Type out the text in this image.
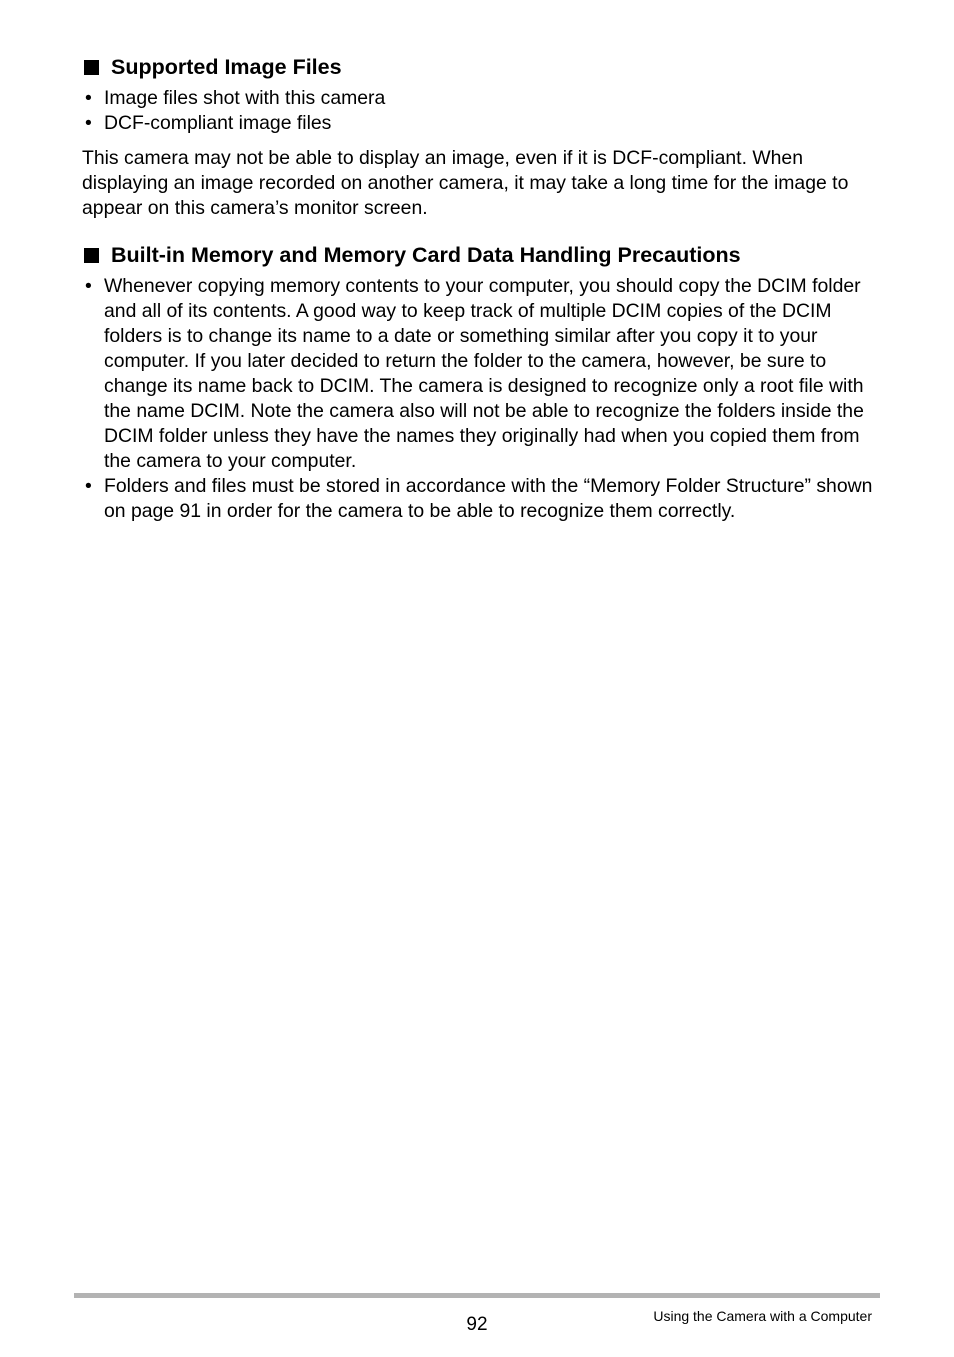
Supported Image Files
• Image files shot with this camera
• DCF-compliant image files

This camera may not be able to display an image, even if it is DCF-compliant. When displaying an image recorded on another camera, it may take a long time for the image to appear on this camera’s monitor screen.

Built-in Memory and Memory Card Data Handling Precautions
• Whenever copying memory contents to your computer, you should copy the DCIM folder and all of its contents. A good way to keep track of multiple DCIM copies of the DCIM folders is to change its name to a date or something similar after you copy it to your computer. If you later decided to return the folder to the camera, however, be sure to change its name back to DCIM. The camera is designed to recognize only a root file with the name DCIM. Note the camera also will not be able to recognize the folders inside the DCIM folder unless they have the names they originally had when you copied them from the camera to your computer.
• Folders and files must be stored in accordance with the “Memory Folder Structure” shown on page 91 in order for the camera to be able to recognize them correctly.
92	Using the Camera with a Computer
